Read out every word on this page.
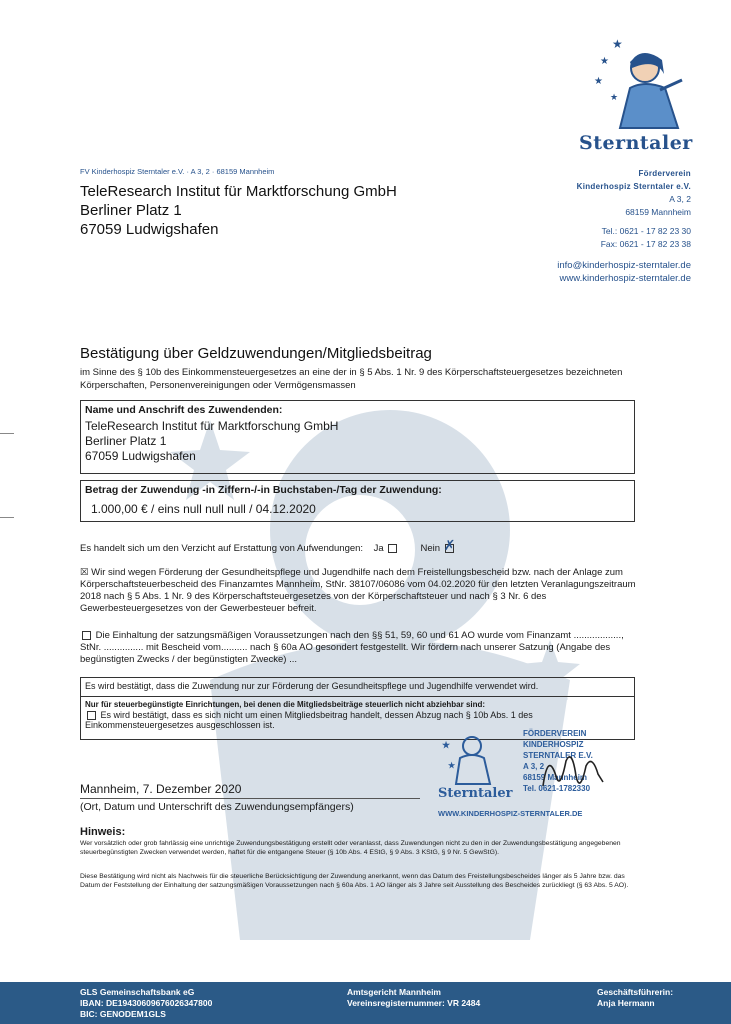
★
★
★
★
Sterntaler
FV Kinderhospiz Sterntaler e.V. · A 3, 2 · 68159 Mannheim
TeleResearch Institut für Marktforschung GmbH
Berliner Platz 1
67059 Ludwigshafen
Förderverein
Kinderhospiz Sterntaler e.V.
A 3, 2
68159 Mannheim
Tel.: 0621 - 17 82 23 30
Fax: 0621 - 17 82 23 38
info@kinderhospiz-sterntaler.de
www.kinderhospiz-sterntaler.de
Bestätigung über Geldzuwendungen/Mitgliedsbeitrag
im Sinne des § 10b des Einkommensteuergesetzes an eine der in § 5 Abs. 1 Nr. 9 des Körperschaftsteuergesetzes bezeichneten Körperschaften, Personenvereinigungen oder Vermögensmassen
Name und Anschrift des Zuwendenden:
TeleResearch Institut für Marktforschung GmbH
Berliner Platz 1
67059 Ludwigshafen
Betrag der Zuwendung -in Ziffern-/-in Buchstaben-/Tag der Zuwendung:
1.000,00 € / eins null null null / 04.12.2020
Es handelt sich um den Verzicht auf Erstattung von Aufwendungen: Ja	Nein ✗
☒ Wir sind wegen Förderung der Gesundheitspflege und Jugendhilfe nach dem Freistellungsbescheid bzw. nach der Anlage zum Körperschaftsteuerbescheid des Finanzamtes Mannheim, StNr. 38107/06086 vom 04.02.2020 für den letzten Veranlagungszeitraum 2018 nach § 5 Abs. 1 Nr. 9 des Körperschaftsteuergesetzes von der Körperschaftsteuer und nach § 3 Nr. 6 des Gewerbesteuergesetzes von der Gewerbesteuer befreit.
Die Einhaltung der satzungsmäßigen Voraussetzungen nach den §§ 51, 59, 60 und 61 AO wurde vom Finanzamt .................., StNr. ............... mit Bescheid vom.......... nach § 60a AO gesondert festgestellt. Wir fördern nach unserer Satzung (Angabe des begünstigten Zwecks / der begünstigten Zwecke) ...
Es wird bestätigt, dass die Zuwendung nur zur Förderung der Gesundheitspflege und Jugendhilfe verwendet wird.
Nur für steuerbegünstigte Einrichtungen, bei denen die Mitgliedsbeiträge steuerlich nicht abziehbar sind:
Es wird bestätigt, dass es sich nicht um einen Mitgliedsbeitrag handelt, dessen Abzug nach § 10b Abs. 1 des Einkommensteuergesetzes ausgeschlossen ist.
★
★
FÖRDERVEREIN
KINDERHOSPIZ
STERNTALER E.V.
A 3, 2
68159 Mannheim
Tel. 0621-1782330
Sterntaler
WWW.KINDERHOSPIZ-STERNTALER.DE
Mannheim, 7. Dezember 2020
(Ort, Datum und Unterschrift des Zuwendungsempfängers)
Hinweis:
Wer vorsätzlich oder grob fahrlässig eine unrichtige Zuwendungsbestätigung erstellt oder veranlasst, dass Zuwendungen nicht zu den in der Zuwendungsbestätigung angegebenen steuerbegünstigten Zwecken verwendet werden, haftet für die entgangene Steuer (§ 10b Abs. 4 EStG, § 9 Abs. 3 KStG, § 9 Nr. 5 GewStG).
Diese Bestätigung wird nicht als Nachweis für die steuerliche Berücksichtigung der Zuwendung anerkannt, wenn das Datum des Freistellungsbescheides länger als 5 Jahre bzw. das Datum der Feststellung der Einhaltung der satzungsmäßigen Voraussetzungen nach § 60a Abs. 1 AO länger als 3 Jahre seit Ausstellung des Bescheides zurückliegt (§ 63 Abs. 5 AO).
GLS Gemeinschaftsbank eG
IBAN: DE19430609676026347800
BIC: GENODEM1GLS
Amtsgericht Mannheim
Vereinsregisternummer: VR 2484
Geschäftsführerin:
Anja Hermann
